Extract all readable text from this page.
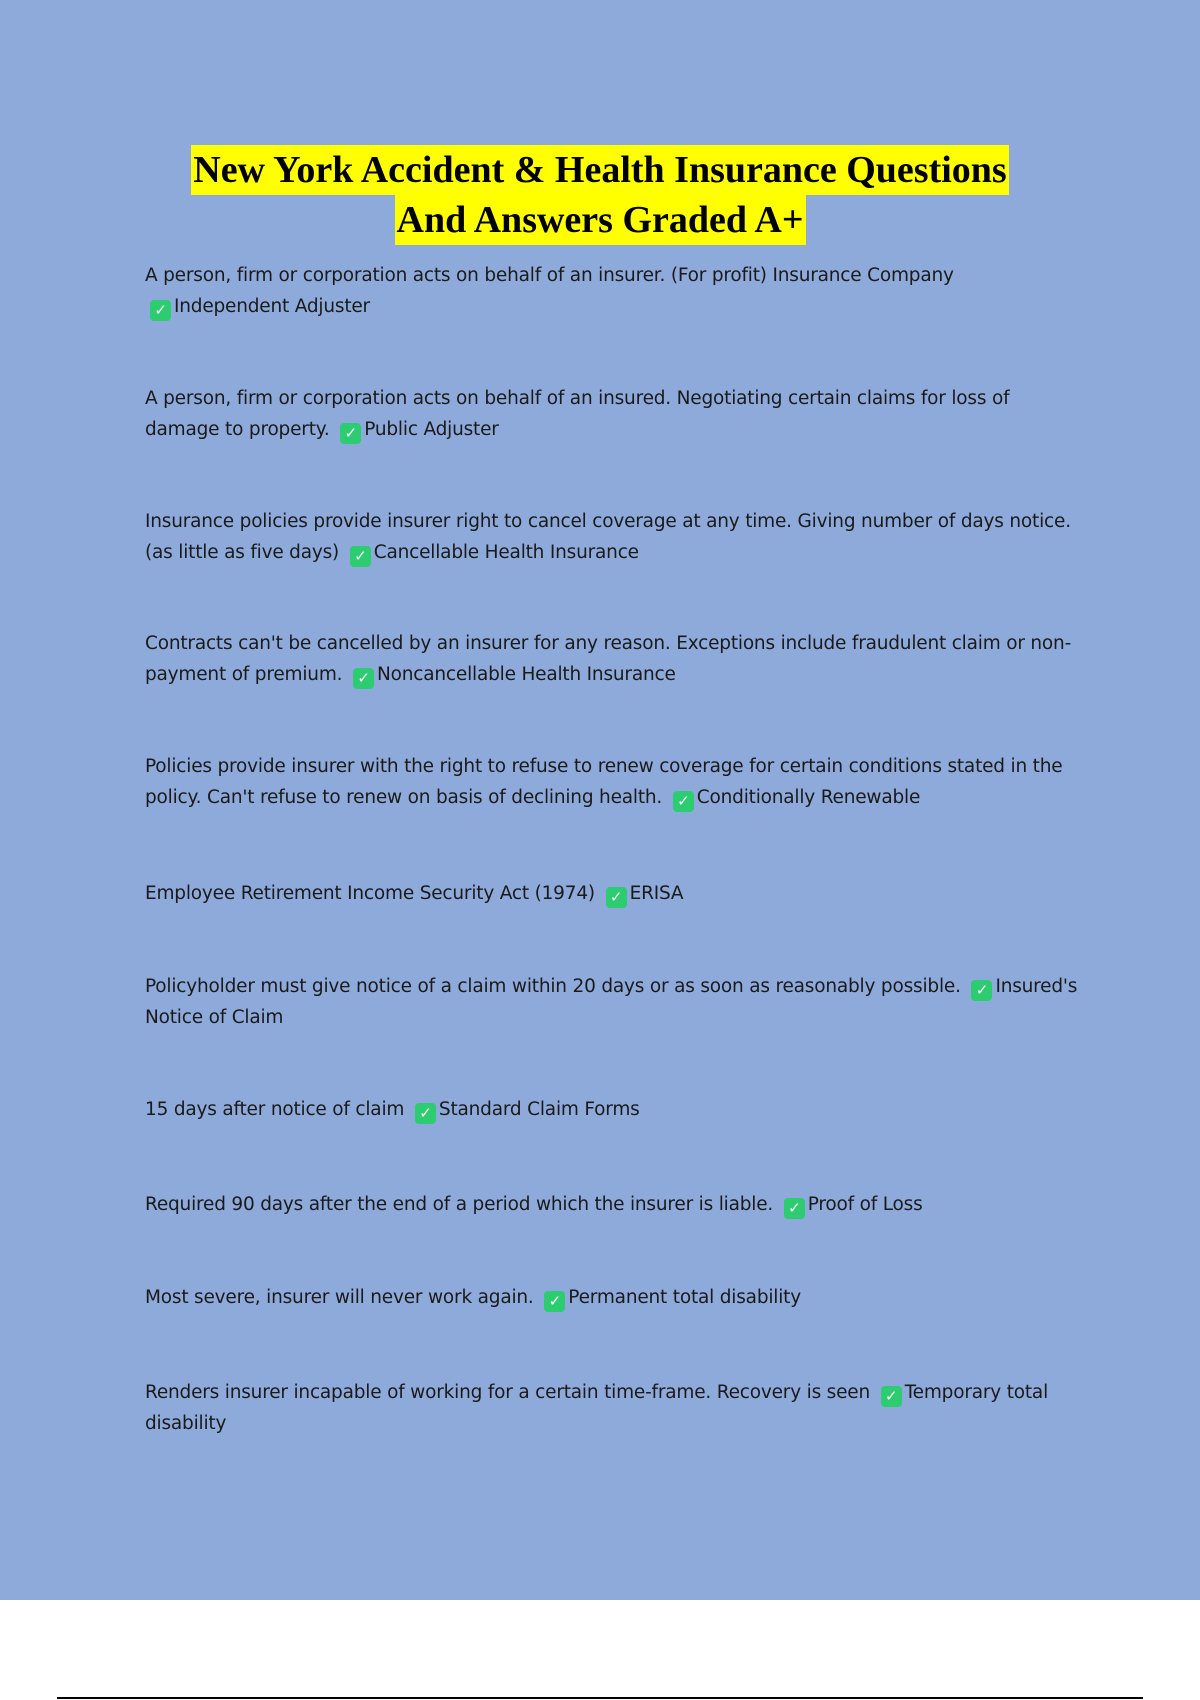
New York Accident & Health Insurance Questions
And Answers Graded A+
A person, firm or corporation acts on behalf of an insurer. (For profit) Insurance Company
✓ Independent Adjuster
A person, firm or corporation acts on behalf of an insured. Negotiating certain claims for loss of damage to property. ✓ Public Adjuster
Insurance policies provide insurer right to cancel coverage at any time. Giving number of days notice. (as little as five days) ✓ Cancellable Health Insurance
Contracts can't be cancelled by an insurer for any reason. Exceptions include fraudulent claim or non-payment of premium. ✓ Noncancellable Health Insurance
Policies provide insurer with the right to refuse to renew coverage for certain conditions stated in the policy. Can't refuse to renew on basis of declining health. ✓ Conditionally Renewable
Employee Retirement Income Security Act (1974) ✓ ERISA
Policyholder must give notice of a claim within 20 days or as soon as reasonably possible. ✓ Insured's Notice of Claim
15 days after notice of claim ✓ Standard Claim Forms
Required 90 days after the end of a period which the insurer is liable. ✓ Proof of Loss
Most severe, insurer will never work again. ✓ Permanent total disability
Renders insurer incapable of working for a certain time-frame. Recovery is seen ✓ Temporary total disability
